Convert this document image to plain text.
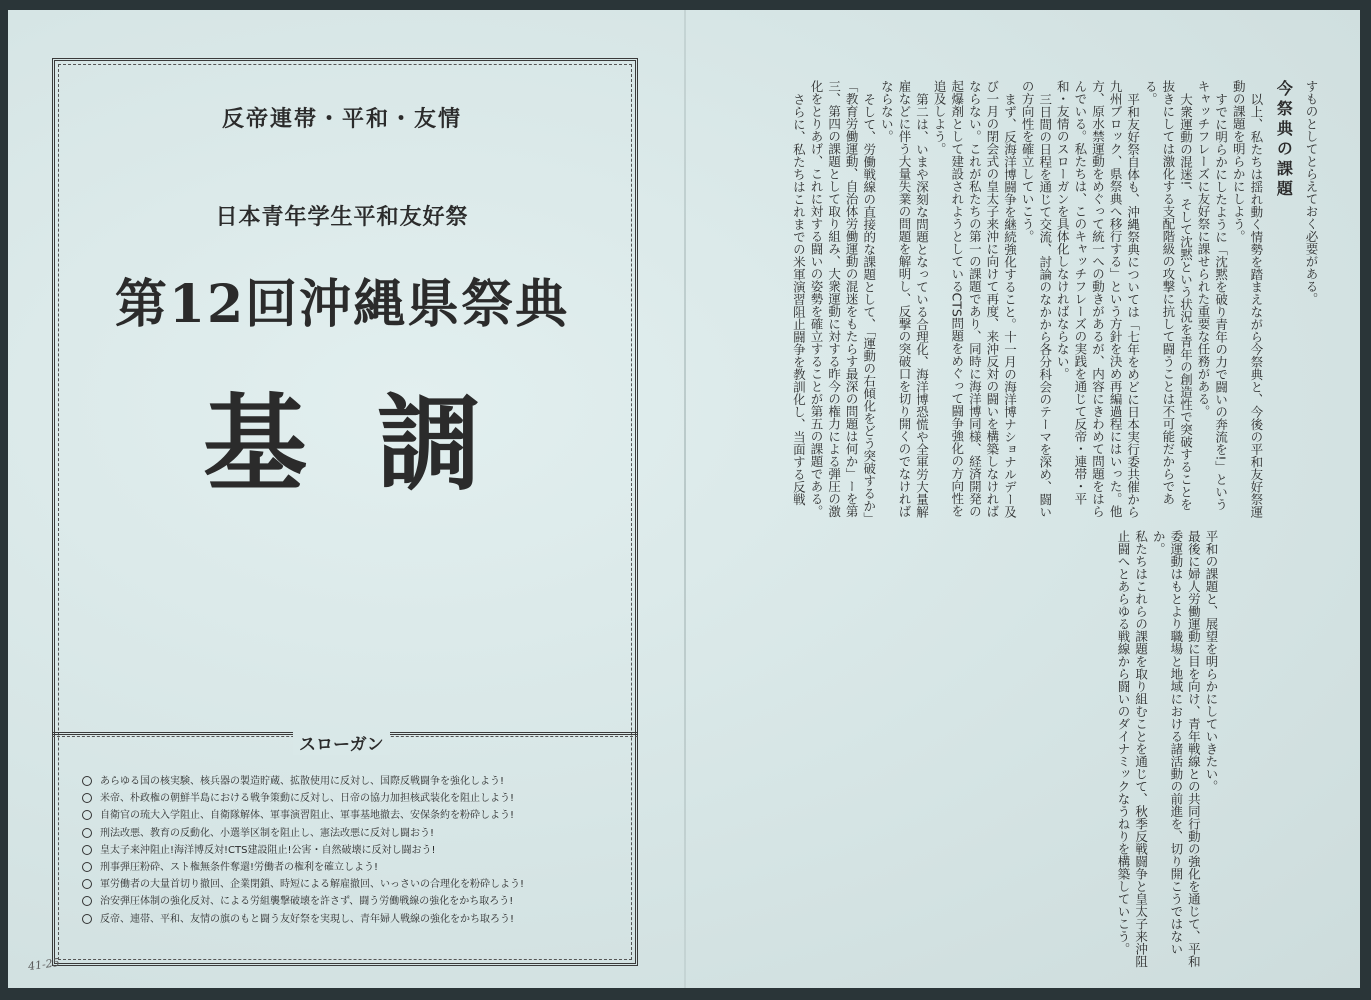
反帝連帯・平和・友情
日本青年学生平和友好祭
第12回沖縄県祭典
基調
スローガン
あらゆる国の核実験、核兵器の製造貯蔵、拡散使用に反対し、国際反戦闘争を強化しよう!
米帝、朴政権の朝鮮半島における戦争策動に反対し、日帝の協力加担核武装化を阻止しよう!
自衛官の琉大入学阻止、自衛隊解体、軍事演習阻止、軍事基地撤去、安保条約を粉砕しよう!
刑法改悪、教育の反動化、小選挙区制を阻止し、憲法改悪に反対し闘おう!
皇太子来沖阻止!海洋博反対!CTS建設阻止!公害・自然破壊に反対し闘おう!
刑事弾圧粉砕、スト権無条件奪還!労働者の権利を確立しよう!
軍労働者の大量首切り撤回、企業閉鎖、時短による解雇撤回、いっさいの合理化を粉砕しよう!
治安弾圧体制の強化反対、による労組襲撃破壊を許さず、闘う労働戦線の強化をかち取ろう!
反帝、連帯、平和、友情の旗のもと闘う友好祭を実現し、青年婦人戦線の強化をかち取ろう!
41-25

すものとしてとらえておく必要がある。

今祭典の課題

以上、私たちは揺れ動く情勢を踏まえながら今祭典と、今後の平和友好祭運動の課題を明らかにしよう。

すでに明らかにしたように「沈黙を破り青年の力で闘いの奔流を!」というキャッチフレーズに友好祭に課せられた重要な任務がある。

大衆運動の混迷!、そして沈黙という状況を青年の創造性で突破することを抜きにしては激化する支配階級の攻撃に抗して闘うことは不可能だからである。

平和友好祭自体も、沖縄祭典については「七年をめどに日本実行委共催から九州ブロック、県祭典へ移行する」という方針を決め再編過程にはいった。他方、原水禁運動をめぐって統一への動きがあるが、内容にきわめて問題をはらんでいる。私たちは、このキャッチフレーズの実践を通じて反帝・連帯・平和・友情のスローガンを具体化しなければならない。

三日間の日程を通じて交流、討論のなかから各分科会のテーマを深め、闘いの方向性を確立していこう。

まず、反海洋博闘争を継続強化すること。十一月の海洋博ナショナルデー及び一月の閉会式の皇太子来沖に向けて再度、来沖反対の闘いを構築しなければならない。これが私たちの第一の課題であり、同時に海洋博同様、経済開発の起爆剤として建設されようとしているCTS問題をめぐって闘争強化の方向性を追及しよう。

第二は、いまや深刻な問題となっている合理化、海洋博恐慌や全軍労大量解雇などに伴う大量失業の問題を解明し、反撃の突破口を切り開くのでなければならない。

そして、労働戦線の直接的な課題として、「運動の右傾化をどう突破するか」「教育労働運動、自治体労働運動の混迷をもたらす最深の問題は何か」ーを第三、第四の課題として取り組み、大衆運動に対する昨今の権力による弾圧の激化をとりあげ、これに対する闘いの姿勢を確立することが第五の課題である。

さらに、私たちはこれまでの米軍演習阻止闘争を教訓化し、当面する反戦

平和の課題と、展望を明らかにしていきたい。

最後に婦人労働運動に目を向け、青年戦線との共同行動の強化を通じて、平和委運動はもとより職場と地域における諸活動の前進を、切り開こうではないか。

私たちはこれらの課題を取り組むことを通じて、秋季反戦闘争と皇太子来沖阻止闘へとあらゆる戦線から闘いのダイナミックなうねりを構築していこう。
